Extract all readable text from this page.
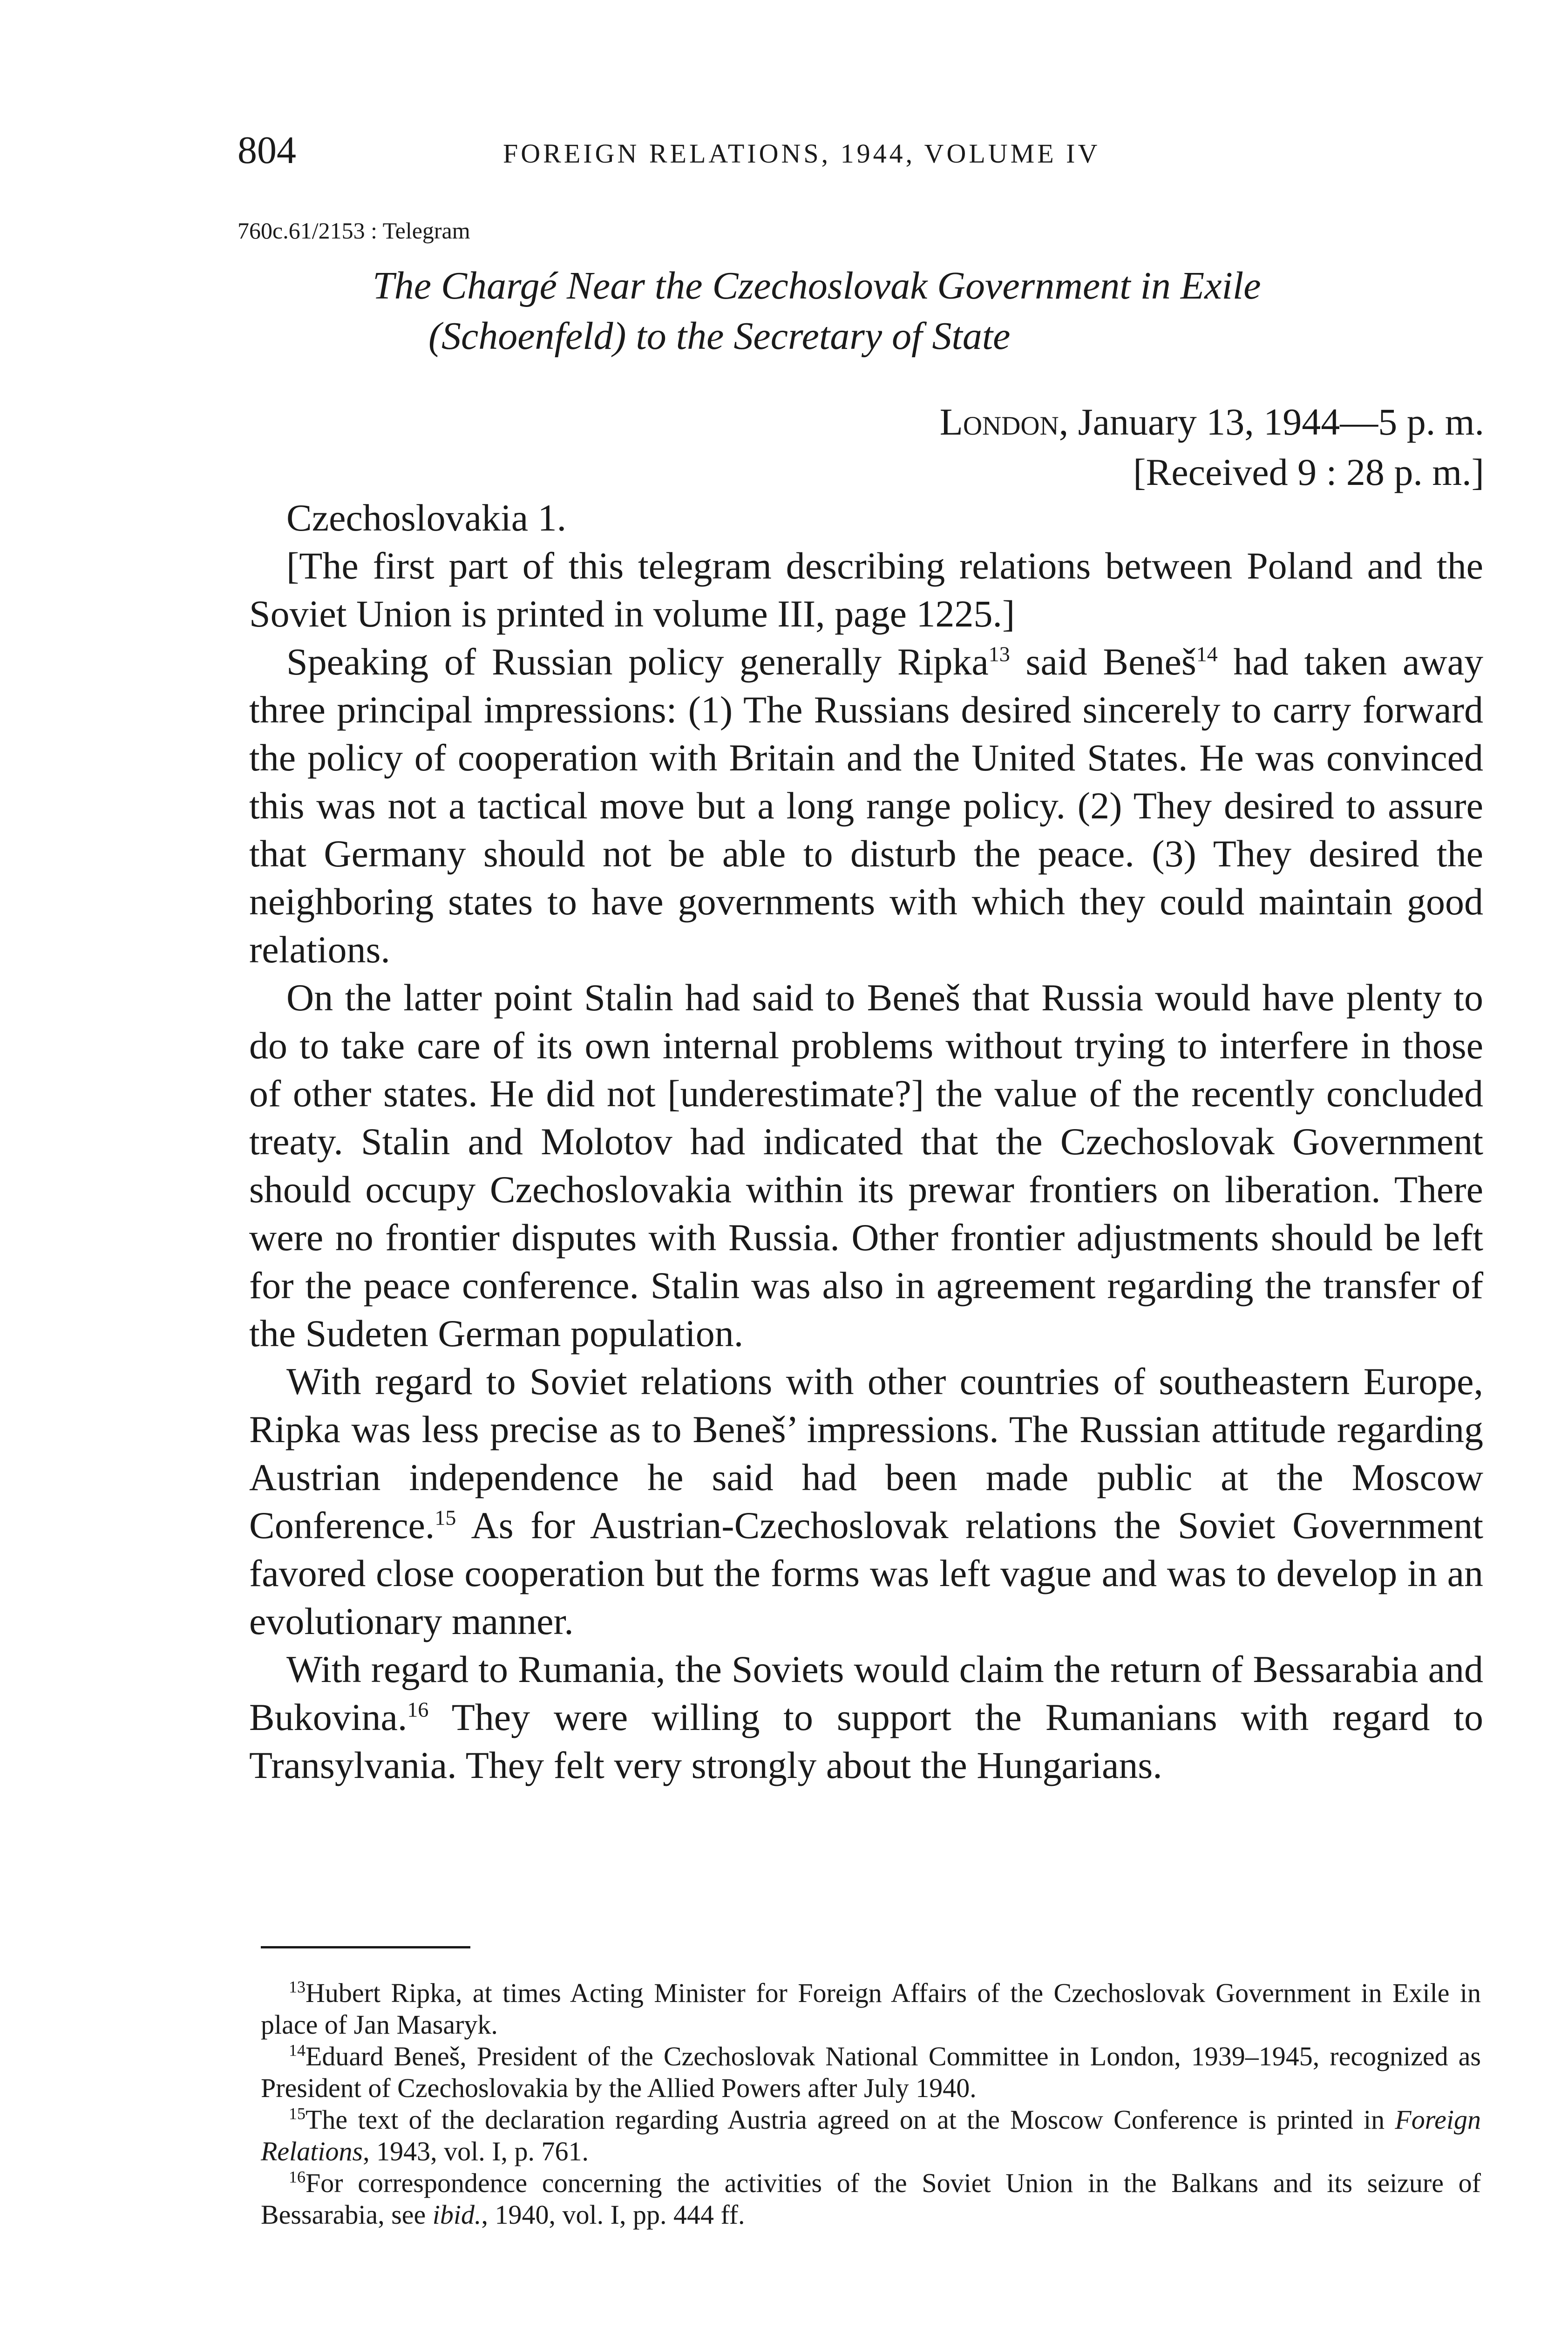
804	FOREIGN RELATIONS, 1944, VOLUME IV
760c.61/2153 : Telegram
The Chargé Near the Czechoslovak Government in Exile
(Schoenfeld) to the Secretary of State
London, January 13, 1944—5 p. m.
[Received 9 : 28 p. m.]

Czechoslovakia 1.

[The first part of this telegram describing relations between Poland and the Soviet Union is printed in volume III, page 1225.]

Speaking of Russian policy generally Ripka$^{13}$ said Beneš$^{14}$ had taken away three principal impressions: (1) The Russians desired sincerely to carry forward the policy of cooperation with Britain and the United States. He was convinced this was not a tactical move but a long range policy. (2) They desired to assure that Germany should not be able to disturb the peace. (3) They desired the neighboring states to have governments with which they could maintain good relations.

On the latter point Stalin had said to Beneš that Russia would have plenty to do to take care of its own internal problems without trying to interfere in those of other states. He did not [underestimate?] the value of the recently concluded treaty. Stalin and Molotov had indicated that the Czechoslovak Government should occupy Czechoslovakia within its prewar frontiers on liberation. There were no frontier disputes with Russia. Other frontier adjustments should be left for the peace conference. Stalin was also in agreement regarding the transfer of the Sudeten German population.

With regard to Soviet relations with other countries of southeastern Europe, Ripka was less precise as to Beneš’ impressions. The Russian attitude regarding Austrian independence he said had been made public at the Moscow Conference.$^{15}$ As for Austrian-Czechoslovak relations the Soviet Government favored close cooperation but the forms was left vague and was to develop in an evolutionary manner.

With regard to Rumania, the Soviets would claim the return of Bessarabia and Bukovina.$^{16}$ They were willing to support the Rumanians with regard to Transylvania. They felt very strongly about the Hungarians.

$^{13}$Hubert Ripka, at times Acting Minister for Foreign Affairs of the Czechoslovak Government in Exile in place of Jan Masaryk.

$^{14}$Eduard Beneš, President of the Czechoslovak National Committee in London, 1939–1945, recognized as President of Czechoslovakia by the Allied Powers after July 1940.

$^{15}$The text of the declaration regarding Austria agreed on at the Moscow Conference is printed in Foreign Relations, 1943, vol. I, p. 761.

$^{16}$For correspondence concerning the activities of the Soviet Union in the Balkans and its seizure of Bessarabia, see ibid., 1940, vol. I, pp. 444 ff.
